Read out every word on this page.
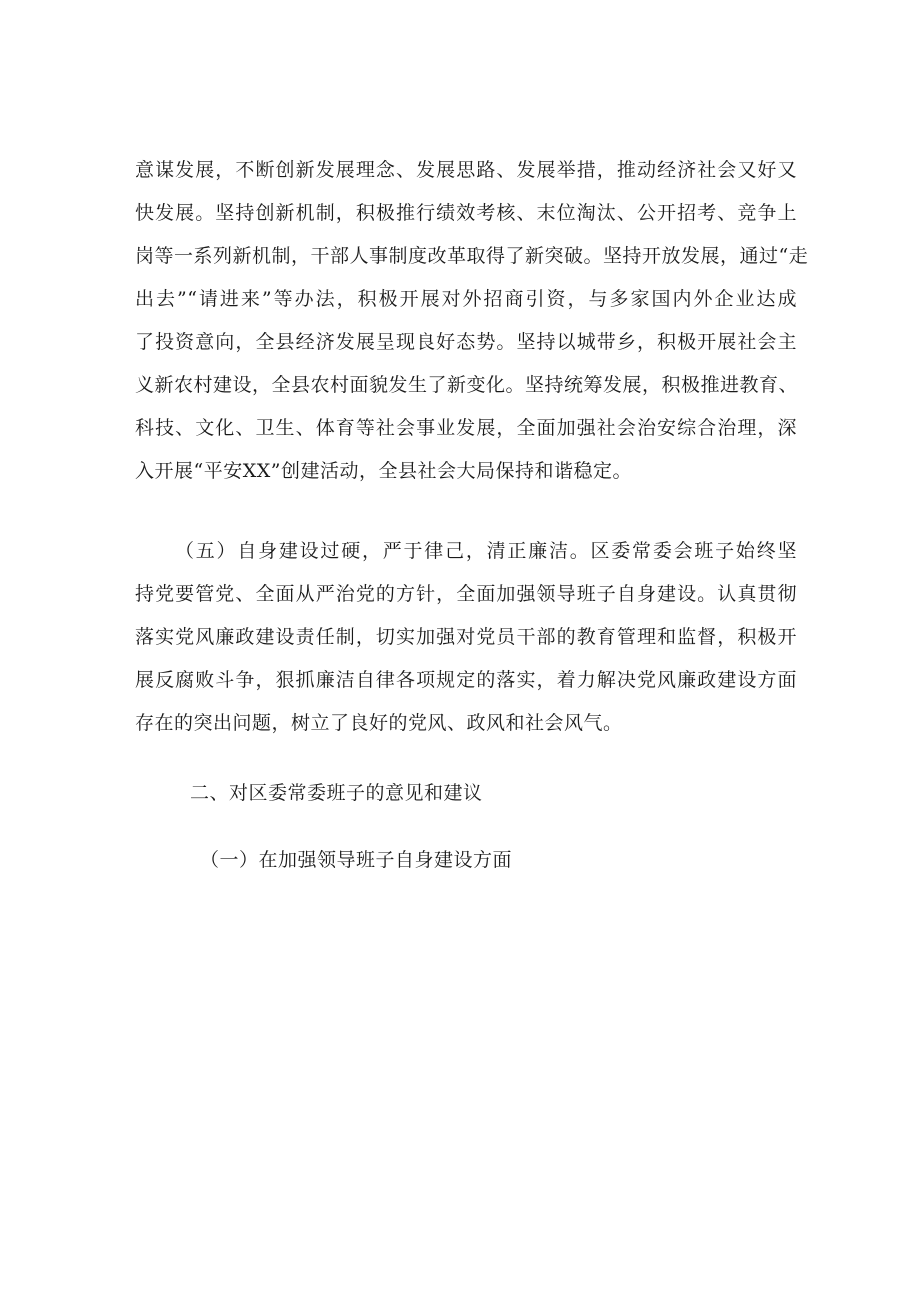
意谋发展，不断创新发展理念、发展思路、发展举措，推动经济社会又好又
快发展。坚持创新机制，积极推行绩效考核、末位淘汰、公开招考、竞争上
岗等一系列新机制，干部人事制度改革取得了新突破。坚持开放发展，通过“走
出去”“请进来”等办法，积极开展对外招商引资，与多家国内外企业达成
了投资意向，全县经济发展呈现良好态势。坚持以城带乡，积极开展社会主
义新农村建设，全县农村面貌发生了新变化。坚持统筹发展，积极推进教育、
科技、文化、卫生、体育等社会事业发展，全面加强社会治安综合治理，深
入开展“平安XX”创建活动，全县社会大局保持和谐稳定。
（五）自身建设过硬，严于律己，清正廉洁。区委常委会班子始终坚
持党要管党、全面从严治党的方针，全面加强领导班子自身建设。认真贯彻
落实党风廉政建设责任制，切实加强对党员干部的教育管理和监督，积极开
展反腐败斗争，狠抓廉洁自律各项规定的落实，着力解决党风廉政建设方面
存在的突出问题，树立了良好的党风、政风和社会风气。
二、对区委常委班子的意见和建议
（一）在加强领导班子自身建设方面
